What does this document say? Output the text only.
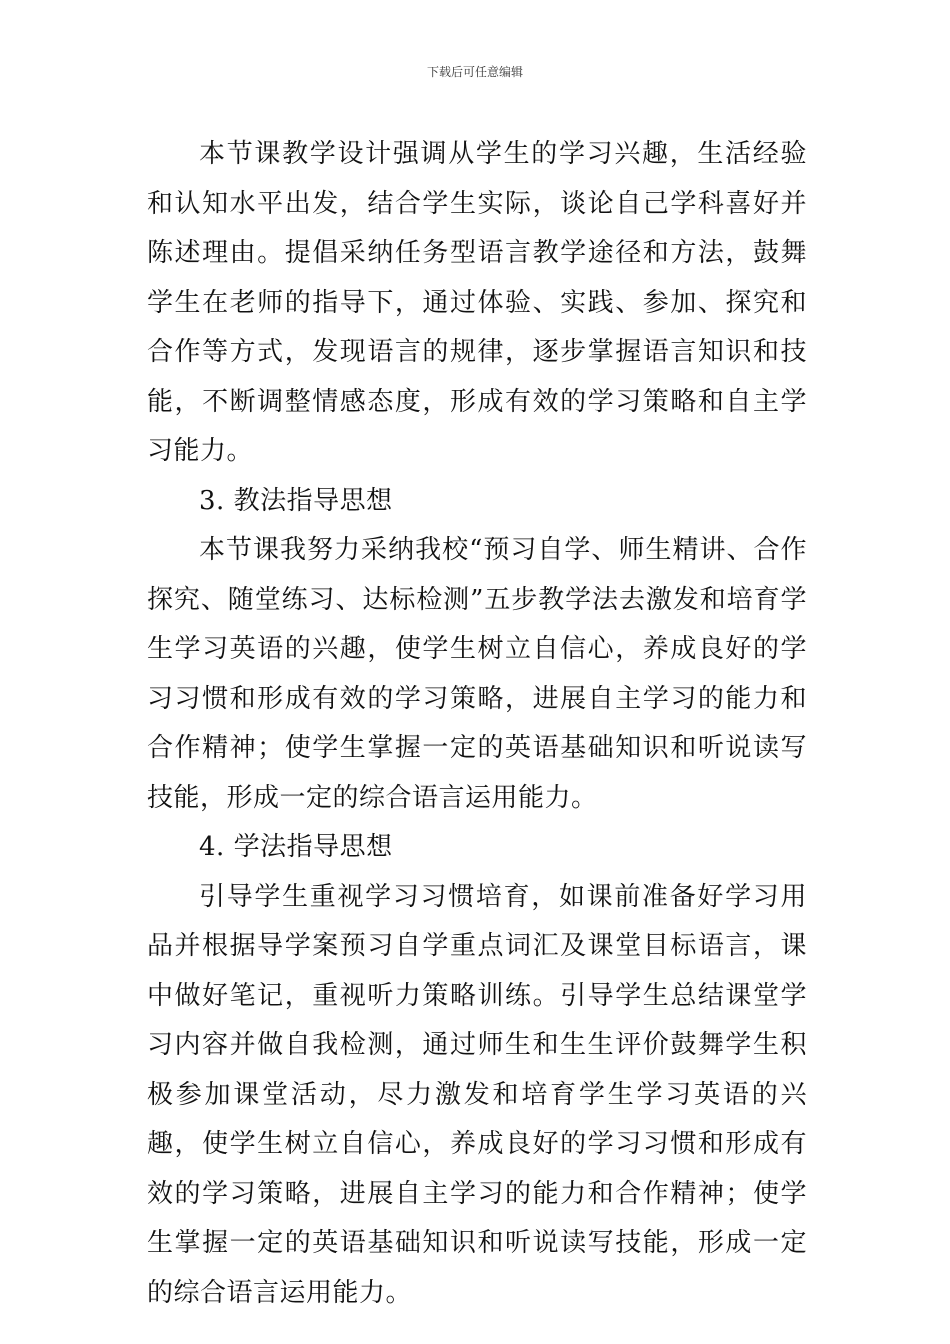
下载后可任意编辑

本节课教学设计强调从学生的学习兴趣，生活经验和认知水平出发，结合学生实际，谈论自己学科喜好并陈述理由。提倡采纳任务型语言教学途径和方法，鼓舞学生在老师的指导下，通过体验、实践、参加、探究和合作等方式，发现语言的规律，逐步掌握语言知识和技能，不断调整情感态度，形成有效的学习策略和自主学习能力。

3. 教法指导思想

本节课我努力采纳我校“预习自学、师生精讲、合作探究、随堂练习、达标检测”五步教学法去激发和培育学生学习英语的兴趣，使学生树立自信心，养成良好的学习习惯和形成有效的学习策略，进展自主学习的能力和合作精神；使学生掌握一定的英语基础知识和听说读写技能，形成一定的综合语言运用能力。

4. 学法指导思想

引导学生重视学习习惯培育，如课前准备好学习用品并根据导学案预习自学重点词汇及课堂目标语言，课中做好笔记，重视听力策略训练。引导学生总结课堂学习内容并做自我检测，通过师生和生生评价鼓舞学生积极参加课堂活动，尽力激发和培育学生学习英语的兴趣，使学生树立自信心，养成良好的学习习惯和形成有效的学习策略，进展自主学习的能力和合作精神；使学生掌握一定的英语基础知识和听说读写技能，形成一定的综合语言运用能力。
